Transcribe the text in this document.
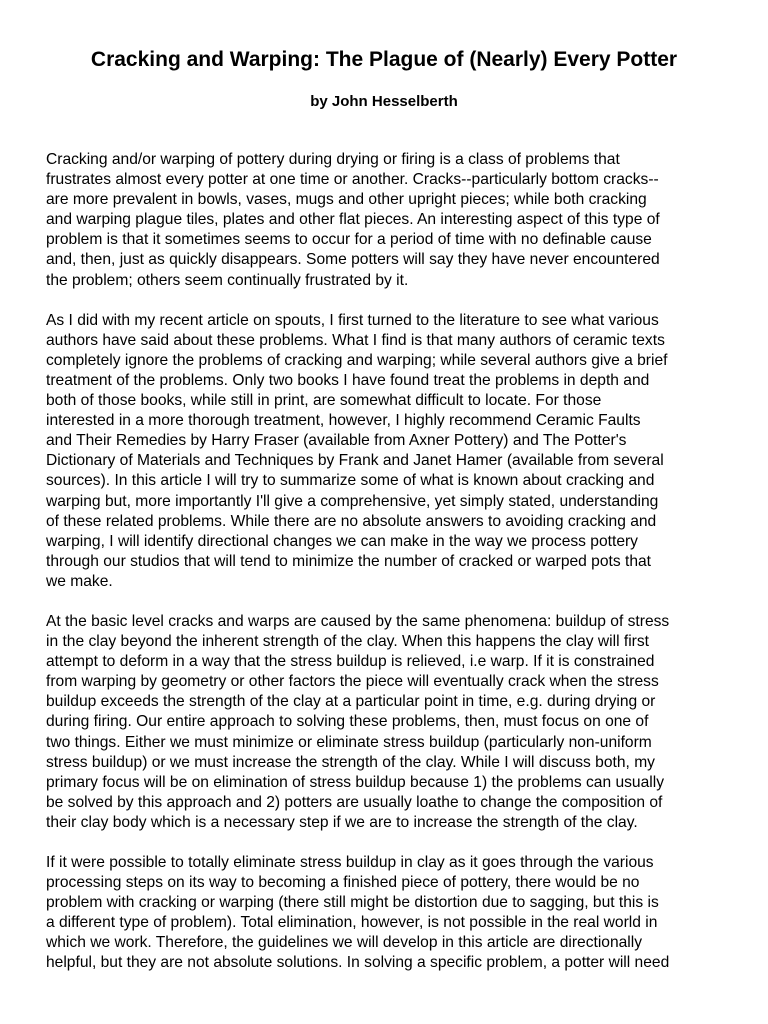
Cracking and Warping: The Plague of (Nearly) Every Potter
by John Hesselberth

Cracking and/or warping of pottery during drying or firing is a class of problems that
frustrates almost every potter at one time or another. Cracks--particularly bottom cracks--
are more prevalent in bowls, vases, mugs and other upright pieces; while both cracking
and warping plague tiles, plates and other flat pieces. An interesting aspect of this type of
problem is that it sometimes seems to occur for a period of time with no definable cause
and, then, just as quickly disappears. Some potters will say they have never encountered
the problem; others seem continually frustrated by it.

As I did with my recent article on spouts, I first turned to the literature to see what various
authors have said about these problems. What I find is that many authors of ceramic texts
completely ignore the problems of cracking and warping; while several authors give a brief
treatment of the problems. Only two books I have found treat the problems in depth and
both of those books, while still in print, are somewhat difficult to locate. For those
interested in a more thorough treatment, however, I highly recommend Ceramic Faults
and Their Remedies by Harry Fraser (available from Axner Pottery) and The Potter's
Dictionary of Materials and Techniques by Frank and Janet Hamer (available from several
sources). In this article I will try to summarize some of what is known about cracking and
warping but, more importantly I'll give a comprehensive, yet simply stated, understanding
of these related problems. While there are no absolute answers to avoiding cracking and
warping, I will identify directional changes we can make in the way we process pottery
through our studios that will tend to minimize the number of cracked or warped pots that
we make.

At the basic level cracks and warps are caused by the same phenomena: buildup of stress
in the clay beyond the inherent strength of the clay. When this happens the clay will first
attempt to deform in a way that the stress buildup is relieved, i.e warp. If it is constrained
from warping by geometry or other factors the piece will eventually crack when the stress
buildup exceeds the strength of the clay at a particular point in time, e.g. during drying or
during firing. Our entire approach to solving these problems, then, must focus on one of
two things. Either we must minimize or eliminate stress buildup (particularly non-uniform
stress buildup) or we must increase the strength of the clay. While I will discuss both, my
primary focus will be on elimination of stress buildup because 1) the problems can usually
be solved by this approach and 2) potters are usually loathe to change the composition of
their clay body which is a necessary step if we are to increase the strength of the clay.

If it were possible to totally eliminate stress buildup in clay as it goes through the various
processing steps on its way to becoming a finished piece of pottery, there would be no
problem with cracking or warping (there still might be distortion due to sagging, but this is
a different type of problem). Total elimination, however, is not possible in the real world in
which we work. Therefore, the guidelines we will develop in this article are directionally
helpful, but they are not absolute solutions. In solving a specific problem, a potter will need
